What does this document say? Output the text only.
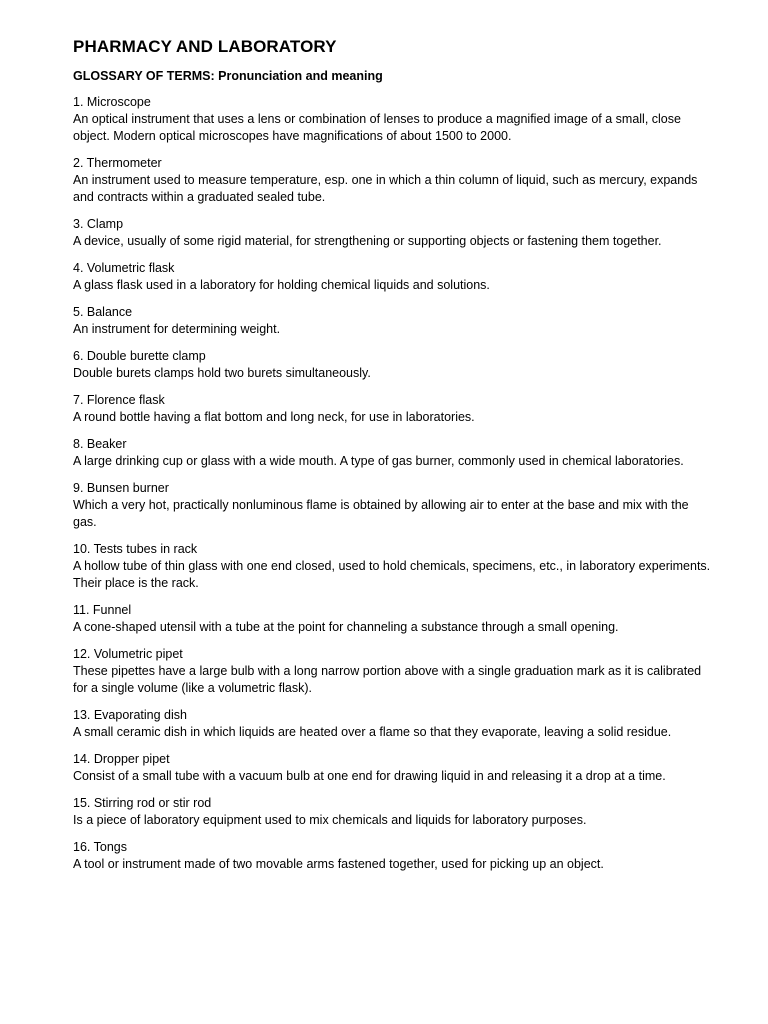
PHARMACY AND LABORATORY

GLOSSARY OF TERMS: Pronunciation and meaning

1. Microscope

An optical instrument that uses a lens or combination of lenses to produce a magnified image of a small, close object. Modern optical microscopes have magnifications of about 1500 to 2000.

2. Thermometer

An instrument used to measure temperature, esp. one in which a thin column of liquid, such as mercury, expands and contracts within a graduated sealed tube.

3. Clamp

A device, usually of some rigid material, for strengthening or supporting objects or fastening them together.

4. Volumetric flask

A glass flask used in a laboratory for holding chemical liquids and solutions.

5. Balance

An instrument for determining weight.

6. Double burette clamp

Double burets clamps hold two burets simultaneously.

7. Florence flask

A round bottle having a flat bottom and long neck, for use in laboratories.

8. Beaker

A large drinking cup or glass with a wide mouth. A type of gas burner, commonly used in chemical laboratories.

9. Bunsen burner

Which a very hot, practically nonluminous flame is obtained by allowing air to enter at the base and mix with the gas.

10. Tests tubes in rack

A hollow tube of thin glass with one end closed, used to hold chemicals, specimens, etc., in laboratory experiments. Their place is the rack.

11. Funnel

A cone-shaped utensil with a tube at the point for channeling a substance through a small opening.

12. Volumetric pipet

These pipettes have a large bulb with a long narrow portion above with a single graduation mark as it is calibrated for a single volume (like a volumetric flask).

13. Evaporating dish

A small ceramic dish in which liquids are heated over a flame so that they evaporate, leaving a solid residue.

14. Dropper pipet

Consist of a small tube with a vacuum bulb at one end for drawing liquid in and releasing it a drop at a time.

15. Stirring rod or stir rod

Is a piece of laboratory equipment used to mix chemicals and liquids for laboratory purposes.

16. Tongs

A tool or instrument made of two movable arms fastened together, used for picking up an object.
